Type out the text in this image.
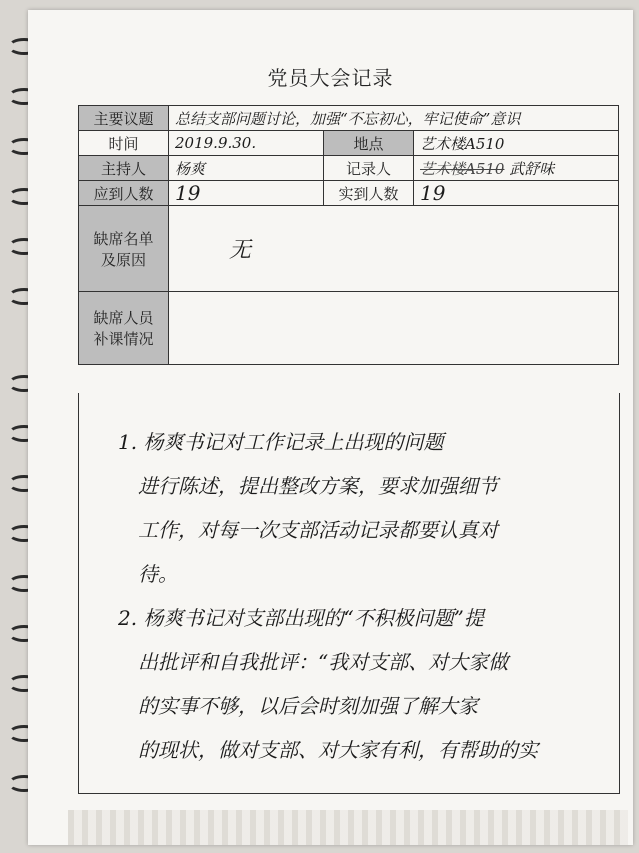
党员大会记录
主要议题	总结支部问题讨论，加强“不忘初心，牢记使命”意识		
时间	2019.9.30.	地点	艺术楼A510
主持人	杨爽	记录人	艺术楼A510 武舒味
应到人数	19	实到人数	19

缺席名单
及原因	无		

缺席人员
补课情况			

1. 杨爽书记对工作记录上出现的问题
进行陈述，提出整改方案，要求加强细节
工作，对每一次支部活动记录都要认真对
待。
2. 杨爽书记对支部出现的“不积极问题”提
出批评和自我批评：“我对支部、对大家做
的实事不够，以后会时刻加强了解大家
的现状，做对支部、对大家有利，有帮助的实
